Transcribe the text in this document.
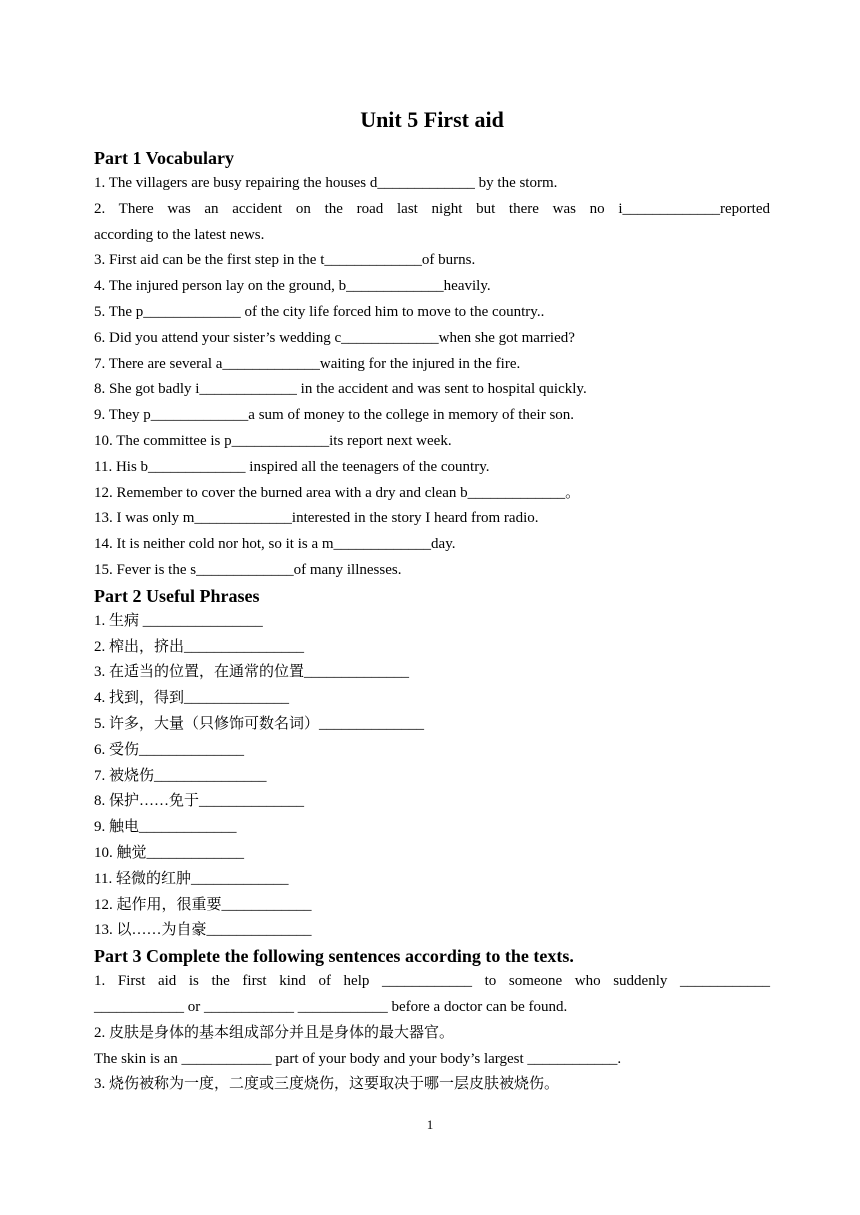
Unit 5 First aid
Part 1 Vocabulary

1. The villagers are busy repairing the houses d_____________ by the storm.

2. There was an accident on the road last night but there was no i_____________reported

according to the latest news.

3. First aid can be the first step in the t_____________of burns.

4. The injured person lay on the ground, b_____________heavily.

5. The p_____________ of the city life forced him to move to the country..

6. Did you attend your sister’s wedding c_____________when she got married?

7. There are several a_____________waiting for the injured in the fire.

8. She got badly i_____________ in the accident and was sent to hospital quickly.

9. They p_____________a sum of money to the college in memory of their son.

10. The committee is p_____________its report next week.

11. His b_____________ inspired all the teenagers of the country.

12. Remember to cover the burned area with a dry and clean b_____________。

13. I was only m_____________interested in the story I heard from radio.

14. It is neither cold nor hot, so it is a m_____________day.

15. Fever is the s_____________of many illnesses.

Part 2 Useful Phrases

1. 生病 ________________

2. 榨出，挤出________________

3. 在适当的位置，在通常的位置______________

4. 找到，得到______________

5. 许多，大量（只修饰可数名词）______________

6. 受伤______________

7. 被烧伤_______________

8. 保护……免于______________

9. 触电_____________

10. 触觉_____________

11. 轻微的红肿_____________

12. 起作用，很重要____________

13. 以……为自豪______________

Part 3 Complete the following sentences according to the texts.

1. First aid is the first kind of help ____________ to someone who suddenly ____________

____________ or ____________ ____________ before a doctor can be found.

2. 皮肤是身体的基本组成部分并且是身体的最大器官。

The skin is an ____________ part of your body and your body’s largest ____________.

3. 烧伤被称为一度，二度或三度烧伤，这要取决于哪一层皮肤被烧伤。

1
